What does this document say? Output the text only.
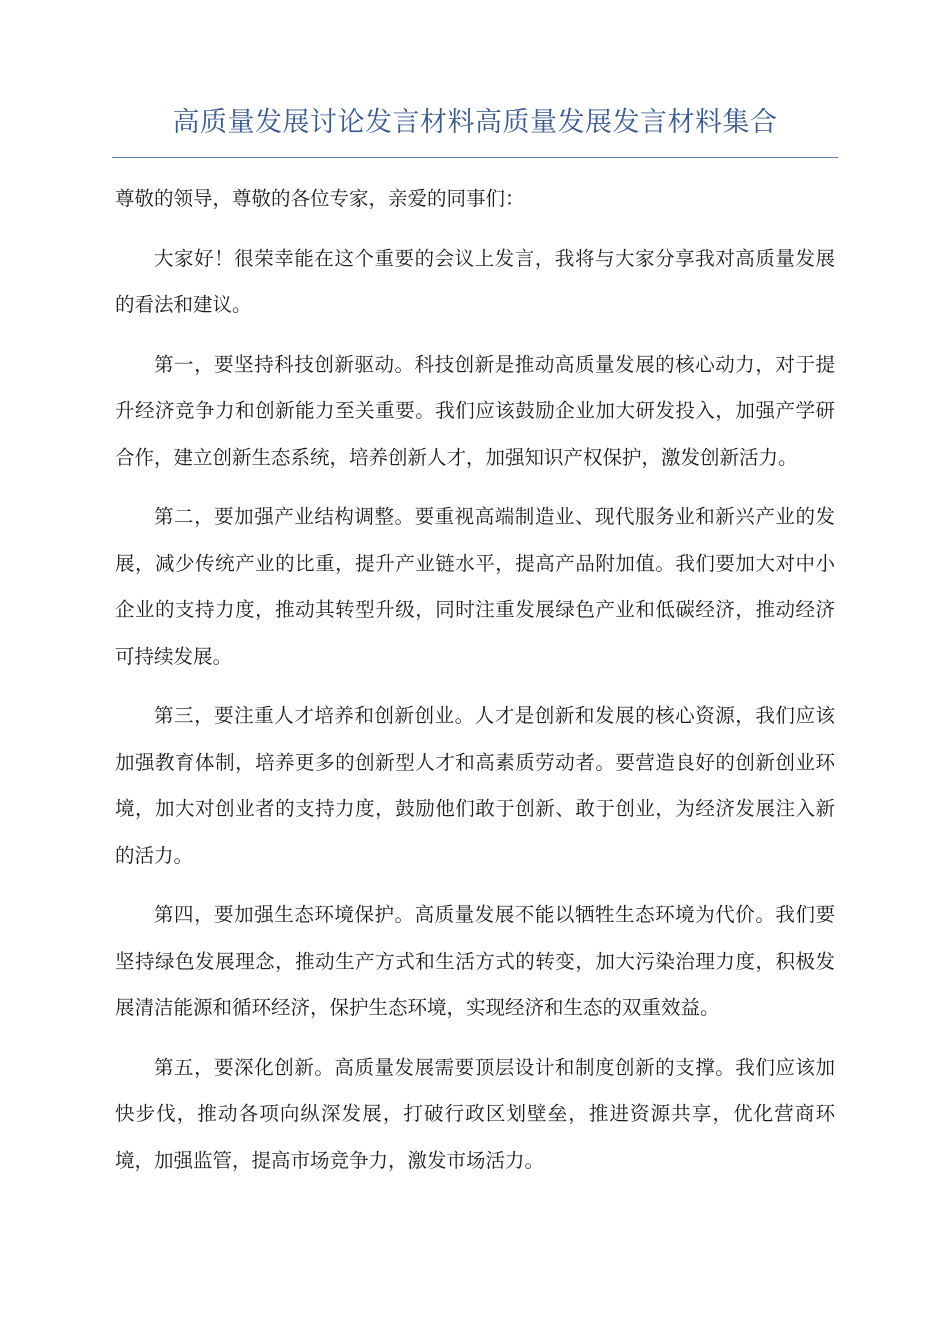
高质量发展讨论发言材料高质量发展发言材料集合

尊敬的领导，尊敬的各位专家，亲爱的同事们：

大家好！很荣幸能在这个重要的会议上发言，我将与大家分享我对高质量发展的看法和建议。

第一，要坚持科技创新驱动。科技创新是推动高质量发展的核心动力，对于提升经济竞争力和创新能力至关重要。我们应该鼓励企业加大研发投入，加强产学研合作，建立创新生态系统，培养创新人才，加强知识产权保护，激发创新活力。

第二，要加强产业结构调整。要重视高端制造业、现代服务业和新兴产业的发展，减少传统产业的比重，提升产业链水平，提高产品附加值。我们要加大对中小企业的支持力度，推动其转型升级，同时注重发展绿色产业和低碳经济，推动经济可持续发展。

第三，要注重人才培养和创新创业。人才是创新和发展的核心资源，我们应该加强教育体制，培养更多的创新型人才和高素质劳动者。要营造良好的创新创业环境，加大对创业者的支持力度，鼓励他们敢于创新、敢于创业，为经济发展注入新的活力。

第四，要加强生态环境保护。高质量发展不能以牺牲生态环境为代价。我们要坚持绿色发展理念，推动生产方式和生活方式的转变，加大污染治理力度，积极发展清洁能源和循环经济，保护生态环境，实现经济和生态的双重效益。

第五，要深化创新。高质量发展需要顶层设计和制度创新的支撑。我们应该加快步伐，推动各项向纵深发展，打破行政区划壁垒，推进资源共享，优化营商环境，加强监管，提高市场竞争力，激发市场活力。
